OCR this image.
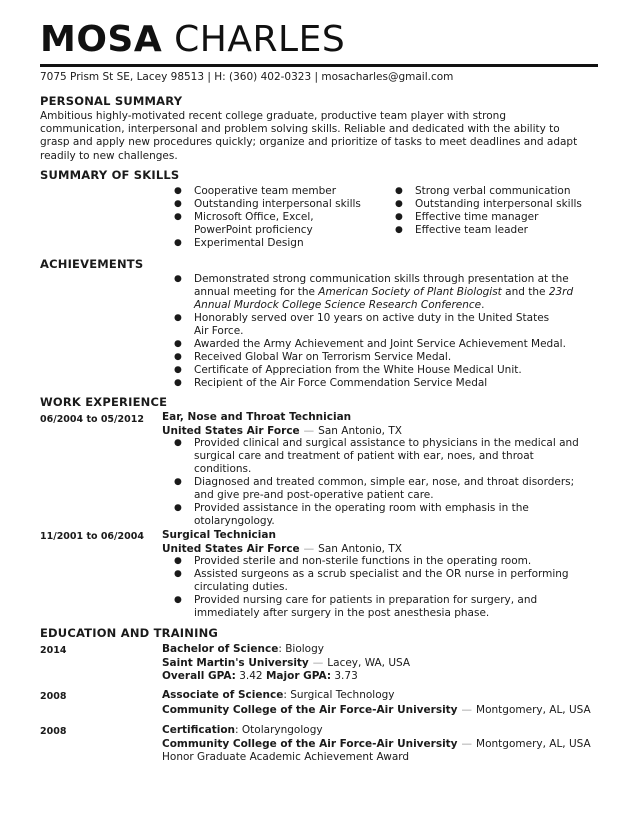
MOSA CHARLES
7075 Prism St SE, Lacey 98513 | H: (360) 402-0323 | mosacharles@gmail.com
PERSONAL SUMMARY
Ambitious highly-motivated recent college graduate, productive team player with strong communication, interpersonal and problem solving skills. Reliable and dedicated with the ability to grasp and apply new procedures quickly; organize and prioritize of tasks to meet deadlines and adapt readily to new challenges.
SUMMARY OF SKILLS
● Cooperative team member
● Outstanding interpersonal skills
● Microsoft Office, Excel, PowerPoint proficiency
● Experimental Design
● Strong verbal communication
● Outstanding interpersonal skills
● Effective time manager
● Effective team leader
ACHIEVEMENTS
● Demonstrated strong communication skills through presentation at the annual meeting for the American Society of Plant Biologist and the 23rd Annual Murdock College Science Research Conference.
● Honorably served over 10 years on active duty in the United States Air Force.
● Awarded the Army Achievement and Joint Service Achievement Medal.
● Received Global War on Terrorism Service Medal.
● Certificate of Appreciation from the White House Medical Unit.
● Recipient of the Air Force Commendation Service Medal
WORK EXPERIENCE
06/2004 to 05/2012 Ear, Nose and Throat Technician
United States Air Force — San Antonio, TX
● Provided clinical and surgical assistance to physicians in the medical and surgical care and treatment of patient with ear, noes, and throat conditions.
● Diagnosed and treated common, simple ear, nose, and throat disorders; and give pre-and post-operative patient care.
● Provided assistance in the operating room with emphasis in the otolaryngology.
11/2001 to 06/2004 Surgical Technician
United States Air Force — San Antonio, TX
● Provided sterile and non-sterile functions in the operating room.
● Assisted surgeons as a scrub specialist and the OR nurse in performing circulating duties.
● Provided nursing care for patients in preparation for surgery, and immediately after surgery in the post anesthesia phase.
EDUCATION AND TRAINING
2014	Bachelor of Science: Biology
Saint Martin's University — Lacey, WA, USA
Overall GPA: 3.42 Major GPA: 3.73
2008	Associate of Science: Surgical Technology
Community College of the Air Force-Air University — Montgomery, AL, USA
2008	Certification: Otolaryngology
Community College of the Air Force-Air University — Montgomery, AL, USA
Honor Graduate Academic Achievement Award
